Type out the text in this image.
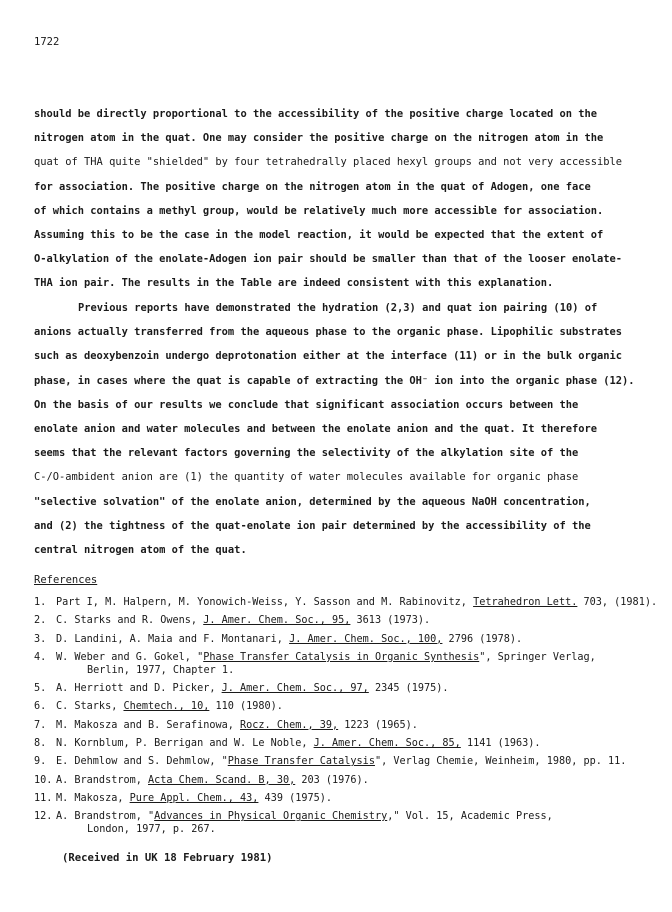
1722
should be directly proportional to the accessibility of the positive charge located on the
nitrogen atom in the quat. One may consider the positive charge on the nitrogen atom in the
quat of THA quite "shielded" by four tetrahedrally placed hexyl groups and not very accessible
for association. The positive charge on the nitrogen atom in the quat of Adogen, one face
of which contains a methyl group, would be relatively much more accessible for association.
Assuming this to be the case in the model reaction, it would be expected that the extent of
O-alkylation of the enolate-Adogen ion pair should be smaller than that of the looser enolate-
THA ion pair. The results in the Table are indeed consistent with this explanation.
Previous reports have demonstrated the hydration (2,3) and quat ion pairing (10) of
anions actually transferred from the aqueous phase to the organic phase. Lipophilic substrates
such as deoxybenzoin undergo deprotonation either at the interface (11) or in the bulk organic
phase, in cases where the quat is capable of extracting the OH⁻ ion into the organic phase (12).
On the basis of our results we conclude that significant association occurs between the
enolate anion and water molecules and between the enolate anion and the quat. It therefore
seems that the relevant factors governing the selectivity of the alkylation site of the
C-/O-ambident anion are (1) the quantity of water molecules available for organic phase
"selective solvation" of the enolate anion, determined by the aqueous NaOH concentration,
and (2) the tightness of the quat-enolate ion pair determined by the accessibility of the
central nitrogen atom of the quat.
References
1. Part I, M. Halpern, M. Yonowich-Weiss, Y. Sasson and M. Rabinovitz, Tetrahedron Lett. 703, (1981).
2. C. Starks and R. Owens, J. Amer. Chem. Soc., 95, 3613 (1973).
3. D. Landini, A. Maia and F. Montanari, J. Amer. Chem. Soc., 100, 2796 (1978).
4. W. Weber and G. Gokel, "Phase Transfer Catalysis in Organic Synthesis", Springer Verlag,
Berlin, 1977, Chapter 1.
5. A. Herriott and D. Picker, J. Amer. Chem. Soc., 97, 2345 (1975).
6. C. Starks, Chemtech., 10, 110 (1980).
7. M. Makosza and B. Serafinowa, Rocz. Chem., 39, 1223 (1965).
8. N. Kornblum, P. Berrigan and W. Le Noble, J. Amer. Chem. Soc., 85, 1141 (1963).
9. E. Dehmlow and S. Dehmlow, "Phase Transfer Catalysis", Verlag Chemie, Weinheim, 1980, pp. 11.
10. A. Brandstrom, Acta Chem. Scand. B, 30, 203 (1976).
11. M. Makosza, Pure Appl. Chem., 43, 439 (1975).
12. A. Brandstrom, "Advances in Physical Organic Chemistry," Vol. 15, Academic Press,
London, 1977, p. 267.
(Received in UK 18 February 1981)
